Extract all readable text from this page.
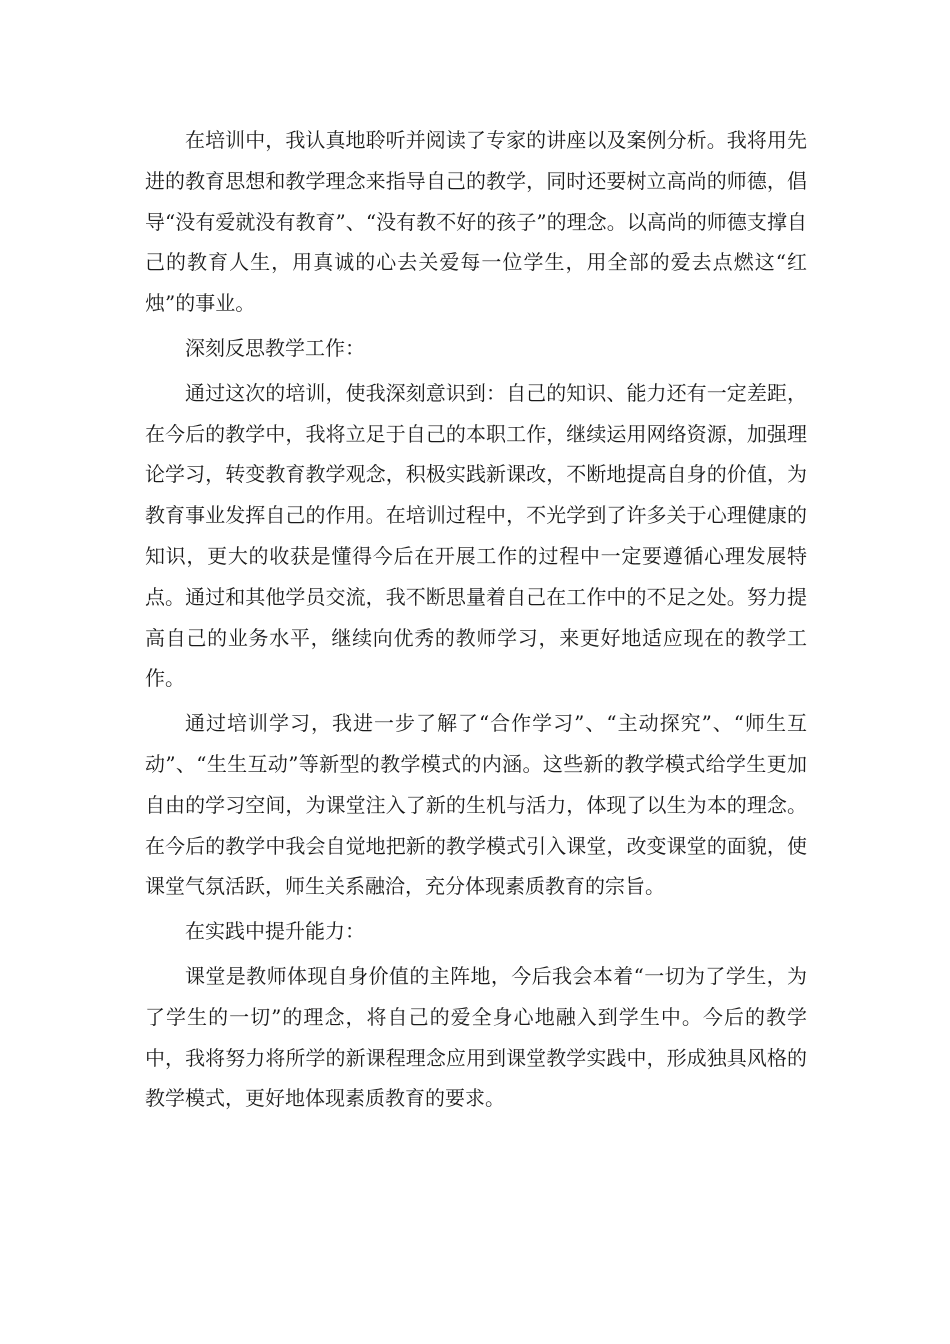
在培训中，我认真地聆听并阅读了专家的讲座以及案例分析。我将用先进的教育思想和教学理念来指导自己的教学，同时还要树立高尚的师德，倡导“没有爱就没有教育”、“没有教不好的孩子”的理念。以高尚的师德支撑自己的教育人生，用真诚的心去关爱每一位学生，用全部的爱去点燃这“红烛”的事业。

深刻反思教学工作：

通过这次的培训，使我深刻意识到：自己的知识、能力还有一定差距，在今后的教学中，我将立足于自己的本职工作，继续运用网络资源，加强理论学习，转变教育教学观念，积极实践新课改，不断地提高自身的价值，为教育事业发挥自己的作用。在培训过程中，不光学到了许多关于心理健康的知识，更大的收获是懂得今后在开展工作的过程中一定要遵循心理发展特点。通过和其他学员交流，我不断思量着自己在工作中的不足之处。努力提高自己的业务水平，继续向优秀的教师学习，来更好地适应现在的教学工作。

通过培训学习，我进一步了解了“合作学习”、“主动探究”、“师生互动”、“生生互动”等新型的教学模式的内涵。这些新的教学模式给学生更加自由的学习空间，为课堂注入了新的生机与活力，体现了以生为本的理念。在今后的教学中我会自觉地把新的教学模式引入课堂，改变课堂的面貌，使课堂气氛活跃，师生关系融洽，充分体现素质教育的宗旨。

在实践中提升能力：

课堂是教师体现自身价值的主阵地，今后我会本着“一切为了学生，为了学生的一切”的理念，将自己的爱全身心地融入到学生中。今后的教学中，我将努力将所学的新课程理念应用到课堂教学实践中，形成独具风格的教学模式，更好地体现素质教育的要求。
